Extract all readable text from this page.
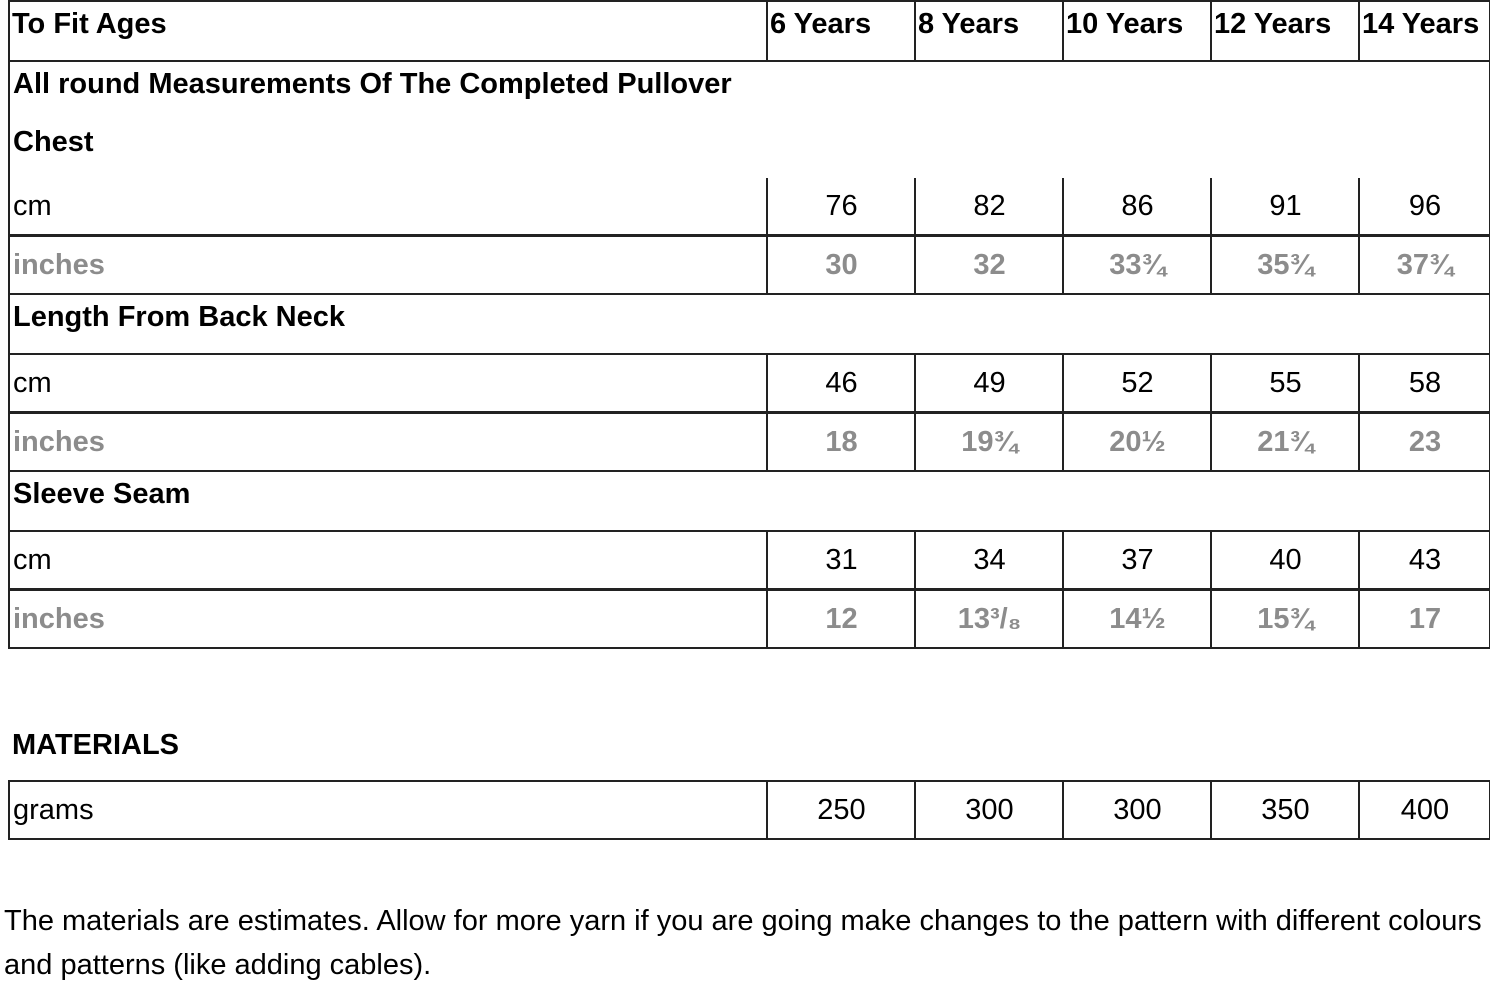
To Fit Ages	6 Years	8 Years	10 Years	12 Years	14 Years
All round Measurements Of The Completed Pullover					
Chest					
cm	76	82	86	91	96
inches	30	32	33¾	35¾	37¾
Length From Back Neck					
cm	46	49	52	55	58
inches	18	19¾	20½	21¾	23
Sleeve Seam					
cm	31	34	37	40	43
inches	12	13³/₈	14½	15¾	17
MATERIALS
grams	250	300	300	350	400

The materials are estimates. Allow for more yarn if you are going make changes to the pattern with different colours and patterns (like adding cables).
